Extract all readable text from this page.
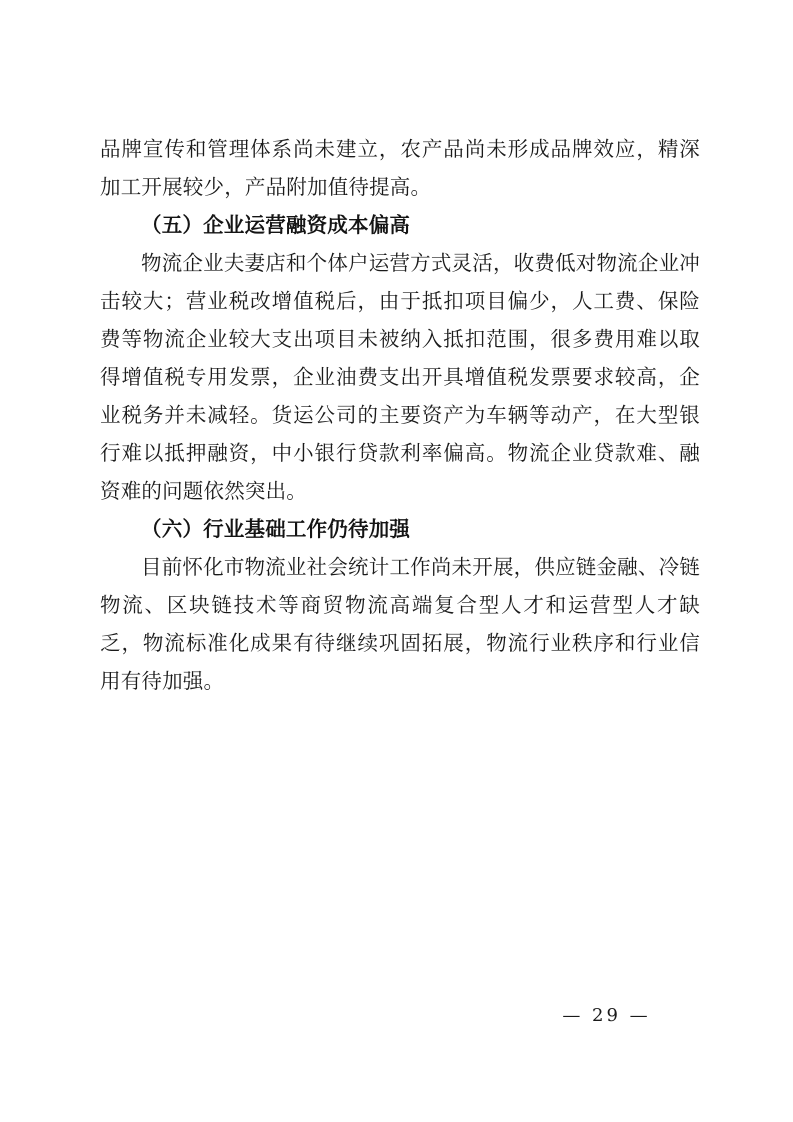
品牌宣传和管理体系尚未建立，农产品尚未形成品牌效应，精深加工开展较少，产品附加值待提高。

（五）企业运营融资成本偏高

物流企业夫妻店和个体户运营方式灵活，收费低对物流企业冲击较大；营业税改增值税后，由于抵扣项目偏少，人工费、保险费等物流企业较大支出项目未被纳入抵扣范围，很多费用难以取得增值税专用发票，企业油费支出开具增值税发票要求较高，企业税务并未减轻。货运公司的主要资产为车辆等动产，在大型银行难以抵押融资，中小银行贷款利率偏高。物流企业贷款难、融资难的问题依然突出。

（六）行业基础工作仍待加强

目前怀化市物流业社会统计工作尚未开展，供应链金融、冷链物流、区块链技术等商贸物流高端复合型人才和运营型人才缺乏，物流标准化成果有待继续巩固拓展，物流行业秩序和行业信用有待加强。

— 29 —
